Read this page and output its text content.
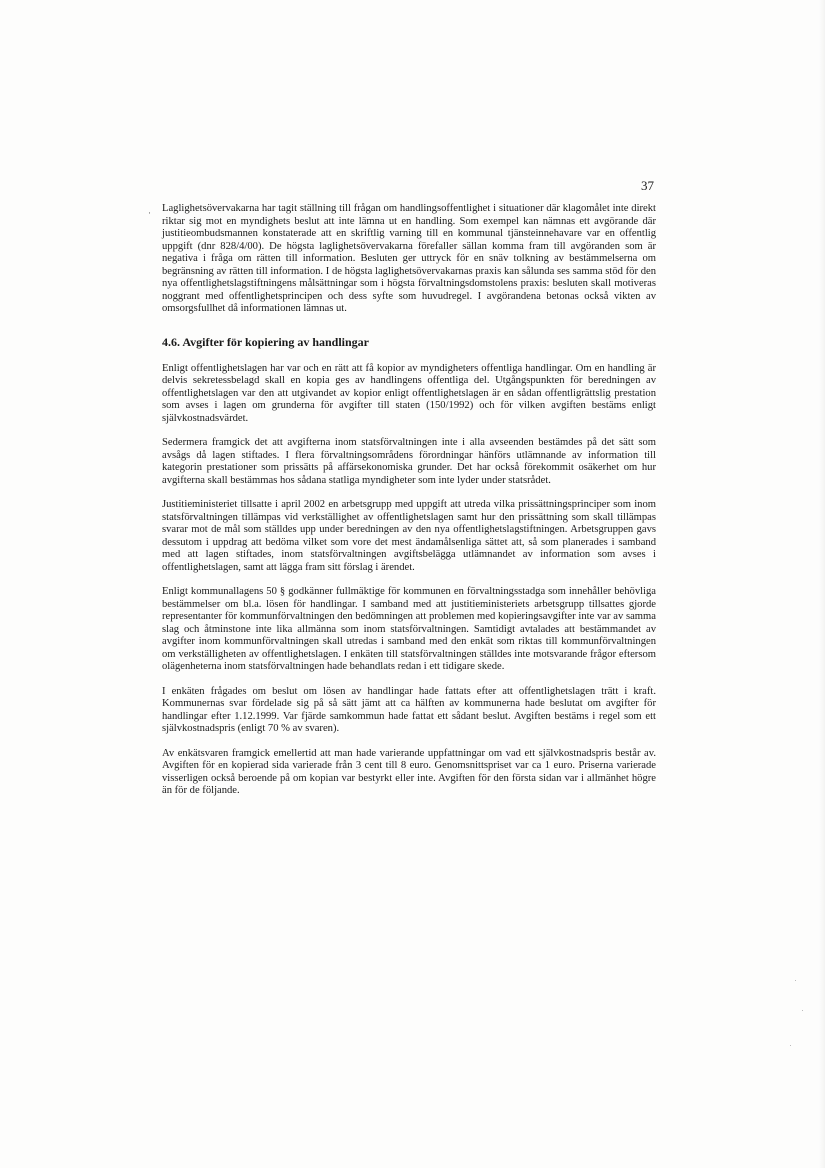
37
· Laglighetsövervakarna har tagit ställning till frågan om handlingsoffentlighet i situationer där klagomålet inte direkt riktar sig mot en myndighets beslut att inte lämna ut en handling. Som exempel kan nämnas ett avgörande där justitieombudsmannen konstaterade att en skriftlig varning till en kommunal tjänsteinnehavare var en offentlig uppgift (dnr 828/4/00). De högsta laglighetsövervakarna förefaller sällan komma fram till avgöranden som är negativa i fråga om rätten till information. Besluten ger uttryck för en snäv tolkning av bestämmelserna om begränsning av rätten till information. I de högsta laglighetsövervakarnas praxis kan sålunda ses samma stöd för den nya offentlighetslagstiftningens målsättningar som i högsta förvaltningsdomstolens praxis: besluten skall motiveras noggrant med offentlighetsprincipen och dess syfte som huvudregel. I avgörandena betonas också vikten av omsorgsfullhet då informationen lämnas ut.

4.6. Avgifter för kopiering av handlingar

Enligt offentlighetslagen har var och en rätt att få kopior av myndigheters offentliga handlingar. Om en handling är delvis sekretessbelagd skall en kopia ges av handlingens offentliga del. Utgångspunkten för beredningen av offentlighetslagen var den att utgivandet av kopior enligt offentlighetslagen är en sådan offentligrättslig prestation som avses i lagen om grunderna för avgifter till staten (150/1992) och för vilken avgiften bestäms enligt självkostnadsvärdet.

Sedermera framgick det att avgifterna inom statsförvaltningen inte i alla avseenden bestämdes på det sätt som avsågs då lagen stiftades. I flera förvaltningsområdens förordningar hänförs utlämnande av information till kategorin prestationer som prissätts på affärsekonomiska grunder. Det har också förekommit osäkerhet om hur avgifterna skall bestämmas hos sådana statliga myndigheter som inte lyder under statsrådet.

Justitieministeriet tillsatte i april 2002 en arbetsgrupp med uppgift att utreda vilka prissättningsprinciper som inom statsförvaltningen tillämpas vid verkställighet av offentlighetslagen samt hur den prissättning som skall tillämpas svarar mot de mål som ställdes upp under beredningen av den nya offentlighetslagstiftningen. Arbetsgruppen gavs dessutom i uppdrag att bedöma vilket som vore det mest ändamålsenliga sättet att, så som planerades i samband med att lagen stiftades, inom statsförvaltningen avgiftsbelägga utlämnandet av information som avses i offentlighetslagen, samt att lägga fram sitt förslag i ärendet.

Enligt kommunallagens 50 § godkänner fullmäktige för kommunen en förvaltningsstadga som innehåller behövliga bestämmelser om bl.a. lösen för handlingar. I samband med att justitieministeriets arbetsgrupp tillsattes gjorde representanter för kommunförvaltningen den bedömningen att problemen med kopieringsavgifter inte var av samma slag och åtminstone inte lika allmänna som inom statsförvaltningen. Samtidigt avtalades att bestämmandet av avgifter inom kommunförvaltningen skall utredas i samband med den enkät som riktas till kommunförvaltningen om verkställigheten av offentlighetslagen. I enkäten till statsförvaltningen ställdes inte motsvarande frågor eftersom olägenheterna inom statsförvaltningen hade behandlats redan i ett tidigare skede.

I enkäten frågades om beslut om lösen av handlingar hade fattats efter att offentlighetslagen trätt i kraft. Kommunernas svar fördelade sig på så sätt jämt att ca hälften av kommunerna hade beslutat om avgifter för handlingar efter 1.12.1999. Var fjärde samkommun hade fattat ett sådant beslut. Avgiften bestäms i regel som ett självkostnadspris (enligt 70 % av svaren).

Av enkätsvaren framgick emellertid att man hade varierande uppfattningar om vad ett självkostnadspris består av. Avgiften för en kopierad sida varierade från 3 cent till 8 euro. Genomsnittspriset var ca 1 euro. Priserna varierade visserligen också beroende på om kopian var bestyrkt eller inte. Avgiften för den första sidan var i allmänhet högre än för de följande.
